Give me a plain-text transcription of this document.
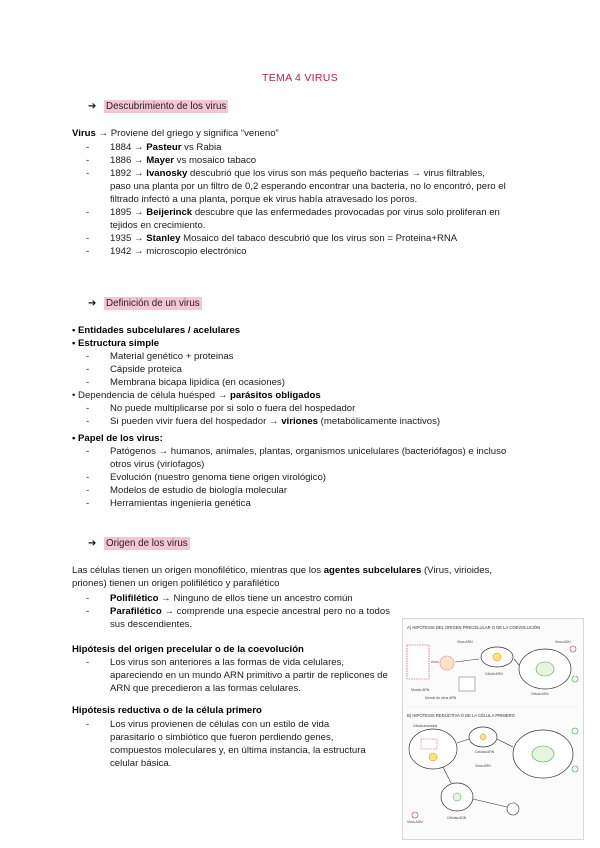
TEMA 4 VIRUS
➔ Descubrimiento de los virus
Virus → Proviene del griego y significa “veneno”
-	1884 → Pasteur vs Rabia
-	1886 → Mayer vs mosaico tabaco
-	1892 → Ivanosky descubrió que los virus son más pequeño bacterias → virus filtrables, paso una planta por un filtro de 0,2 esperando encontrar una bacteria, no lo encontró, pero el filtrado infectó a una planta, porque ek virus había atravesado los poros.
-	1895 → Beijerinck descubre que las enfermedades provocadas por virus solo proliferan en tejidos en crecimiento.
-	1935 → Stanley Mosaico del tabaco descubrió que los virus son = Proteina+RNA
-	1942 → microscopio electrónico
➔ Definición de un virus
• Entidades subcelulares / acelulares
• Estructura simple
-	Material genético + proteinas
-	Cápside proteica
-	Membrana bicapa lipídica (en ocasiones)
• Dependencia de célula huésped → parásitos obligados
-	No puede multiplicarse por si solo o fuera del hospedador
-	Si pueden vivir fuera del hospedador → viriones (metabólicamente inactivos)
• Papel de los virus:
-	Patógenos → humanos, animales, plantas, organismos unicelulares (bacteriófagos) e incluso otros virus (viriofagos)
-	Evolución (nuestro genoma tiene origen virológico)
-	Modelos de estudio de biología molecular
-	Herramientas ingenieria genética
➔ Origen de los virus
Las células tienen un origen monofilético, mientras que los agentes subcelulares (Virus, virioides, priones) tienen un origen polifilético y parafilético
-	Polifilético → Ninguno de ellos tiene un ancestro común
-	Parafilético → comprende una especie ancestral pero no a todos sus descendientes.
Hipótesis del origen precelular o de la coevolución
-	Los virus son anteriores a las formas de vida celulares, apareciendo en un mundo ARN primitivo a partir de replicones de ARN que precedieron a las formas celulares.
Hipótesis reductiva o de la célula primero
-	Los virus provienen de células con un estilo de vida parasitario o simbiótico que fueron perdiendo genes, compuestos moleculares y, en última instancia, la estructura celular básica.
A) HIPÓTESIS DEL ORIGEN PRECELULAR O DE LA COEVOLUCIÓN
Mundo ARN
Mundo de virus ARN
Célula ARN
Célula ADN
Virus ADN
Virus ARN
B) HIPÓTESIS REDUCTIVA O DE LA CÉLULA PRIMERO
Célula ancestral
Células ARN
Virus ARN
Virus ADN
Células ADN
